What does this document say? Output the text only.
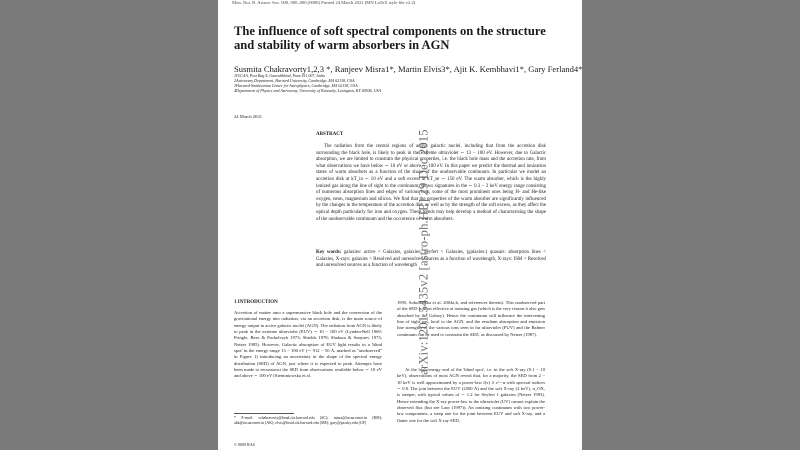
Mon. Not. R. Astron. Soc. 000, 000–000 (0000) Printed 24 March 2021 (MN LaTeX style file v2.2)
The influence of soft spectral components on the structure and stability of warm absorbers in AGN
Susmita Chakravorty1,2,3 *, Ranjeev Misra1*, Martin Elvis3*, Ajit K. Kembhavi1*, Gary Ferland4*
1IUCAA, Post Bag 4, Ganeshkhind, Pune 411 007, India
2Astronomy Department, Harvard University, Cambridge, MA 02138, USA.
3Harvard-Smithsonian Center for Astrophysics, Cambridge, MA 02138, USA.
4Department of Physics and Astronomy, University of Kentucky, Lexington, KY 40506, USA.
24 March 2021
ABSTRACT
The radiation from the central regions of active galactic nuclei, including that from the accretion disk surrounding the black hole, is likely to peak in the extreme ultraviolet ∼ 13 − 100 eV. However, due to Galactic absorption, we are limited to constrain the physical properties, i.e. the black hole mass and the accretion rate, from what observations we have below ∼ 10 eV or above ∼ 100 eV. In this paper we predict the thermal and ionization states of warm absorbers as a function of the shape of the unobservable continuum. In particular we model an accretion disk at kT_in ∼ 10 eV and a soft excess at kT_se ∼ 150 eV. The warm absorber, which is the highly ionized gas along the line of sight to the continuum, shows signatures in the ∼ 0.3 − 2 keV energy range consisting of numerous absorption lines and edges of various ions, some of the most prominent ones being H- and He-like oxygen, neon, magnesium and silicon. We find that the properties of the warm absorber are significantly influenced by the changes in the temperature of the accretion disk as well as by the strength of the soft excess, as they affect the optical depth particularly for iron and oxygen. These trends may help develop a method of characterising the shape of the unobservable continuum and the occurrence of warm absorbers.
Key words: galaxies: active < Galaxies, galaxies: Seyfert < Galaxies, (galaxies:) quasars: absorption lines < Galaxies, X-rays: galaxies < Resolved and unresolved sources as a function of wavelength, X-rays: ISM < Resolved and unresolved sources as a function of wavelength
1 INTRODUCTION
Accretion of matter onto a supermassive black hole and the conversion of the gravitational energy into radiation, via an accretion disk, is the main source of energy output in active galactic nuclei (AGN). The radiation from AGN is likely to peak in the extreme ultraviolet (EUV) ∼ 10 − 100 eV (Lynden-Bell 1969; Pringle, Rees & Pacholczyk 1973; Shields 1978; Shakura & Sunyaev 1973; Netzer 1985). However, Galactic absorption of EUV light results in a 'blind spot' in the energy range 13 − 100 eV (∼ 912 − 50 Å, marked as "unobserved" in Figure 1) introducing an uncertainty in the shape of the spectral energy distribution (SED) of AGN, just where it is expected to peak. Attempts have been made to reconstruct the SED from observations available below ∼ 10 eV and above ∼ 100 eV (Sieminiowska et al.
* E-mail: schakravorty@head.cfa.harvard.edu (SC); misra@iucaa.ernet.in (RM); akk@iucaa.ernet.in (AK); elvis@head.cfa.harvard.edu (ME); gary@pa.uky.edu (GF)
© 0000 RAS
1995; Sobolewska et al. 2004a,b, and references therein). This unobserved part of the SED is most effective at ionizing gas (which is the very reason it also gets absorbed by the Galaxy). Hence the continuum will influence the intervening line of sight gas, local to the AGN, and the resultant absorption and emission line strengths of the various ions seen in far ultraviolet (FUV) and the Balmer continuum can be used to constrain the SED, as discussed by Netzer (1987).
At the high energy end of the 'blind spot', i.e. in the soft X-ray (0.1 − 10 keV), observations of most AGN reveal that, for a majority, the SED from 2 − 10 keV is well approximated by a power-law f(ν) ∝ ν^−α with spectral indices ∼ 0.8. The join between the EUV (2500 Å) and the soft X-ray (2 keV), α_OX, is steeper, with typical values of ∼ 1.2 for Seyfert 1 galaxies (Netzer 1993). Hence extending the X-ray power-law to the ultraviolet (UV) cannot explain the observed flux (but see Laor (1997)). An ionizing continuum with two power-law components, a steep one for the joint between EUV and soft X-ray, and a flatter one for the soft X-ray SED,
arXiv:1201.5435v2 [astro-ph.HE] 29 Dec 2015
